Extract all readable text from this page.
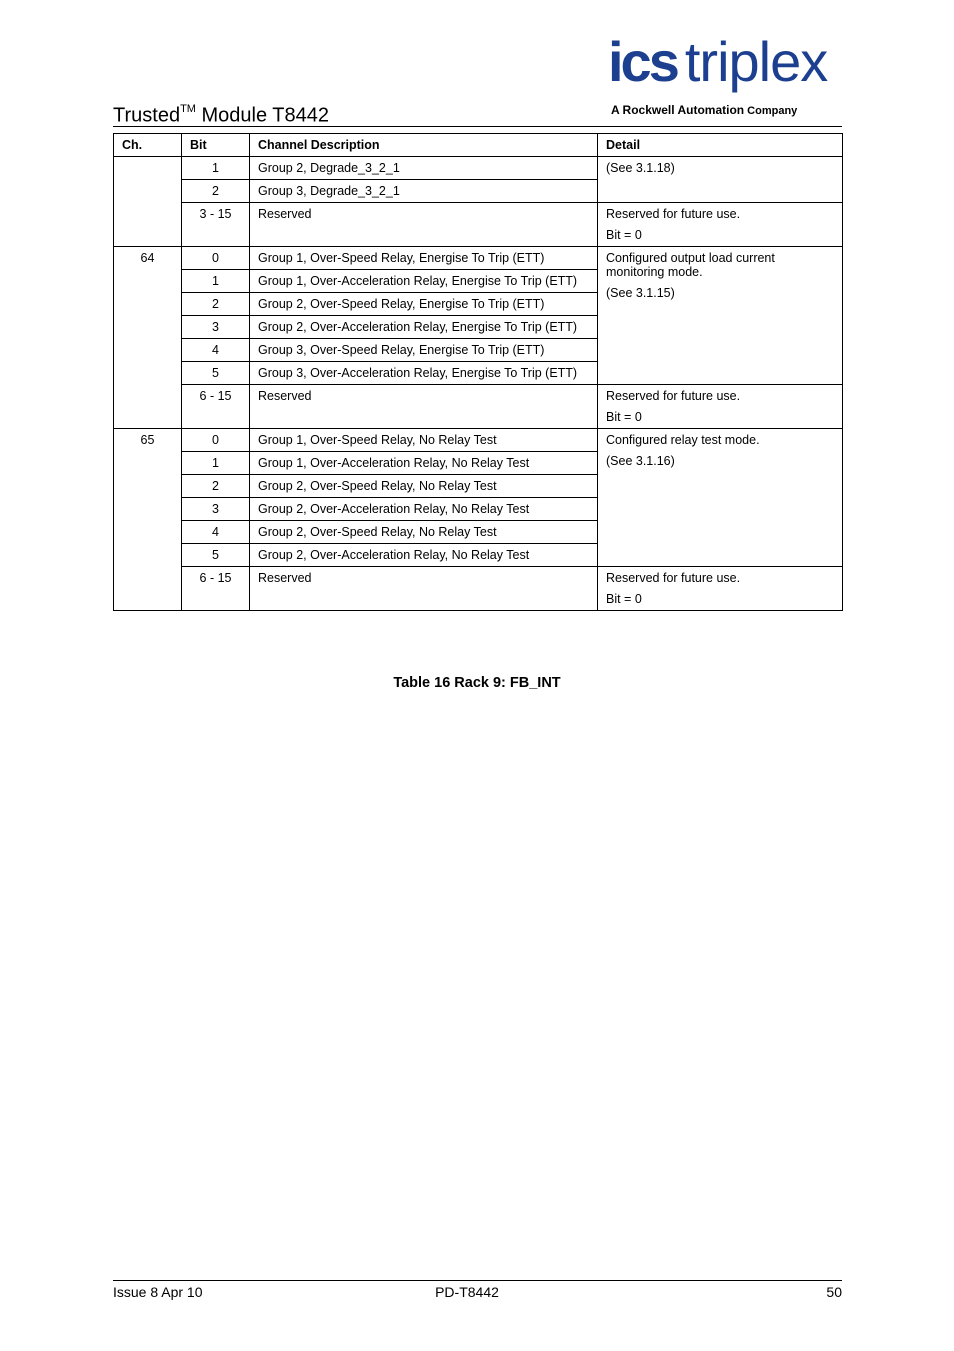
Trusted™ Module T8442
ics triplex
A Rockwell Automation Company
Ch.	Bit	Channel Description	Detail
	1	Group 2, Degrade_3_2_1	(See 3.1.18)

	2	Group 3, Degrade_3_2_1	
	3 - 15	Reserved	Reserved for future use.

Bit = 0

64	0	Group 1, Over-Speed Relay, Energise To Trip (ETT)	Configured output load current monitoring mode.

(See 3.1.15)

	1	Group 1, Over-Acceleration Relay, Energise To Trip (ETT)	
	2	Group 2, Over-Speed Relay, Energise To Trip (ETT)	
	3	Group 2, Over-Acceleration Relay, Energise To Trip (ETT)	
	4	Group 3, Over-Speed Relay, Energise To Trip (ETT)	
	5	Group 3, Over-Acceleration Relay, Energise To Trip (ETT)	
	6 - 15	Reserved	Reserved for future use.

Bit = 0

65	0	Group 1, Over-Speed Relay, No Relay Test	Configured relay test mode.

(See 3.1.16)

	1	Group 1, Over-Acceleration Relay, No Relay Test	
	2	Group 2, Over-Speed Relay, No Relay Test	
	3	Group 2, Over-Acceleration Relay, No Relay Test	
	4	Group 2, Over-Speed Relay, No Relay Test	
	5	Group 2, Over-Acceleration Relay, No Relay Test	
	6 - 15	Reserved	Reserved for future use.

Bit = 0

Table 16 Rack 9: FB_INT
Issue 8 Apr 10	PD-T8442	50
